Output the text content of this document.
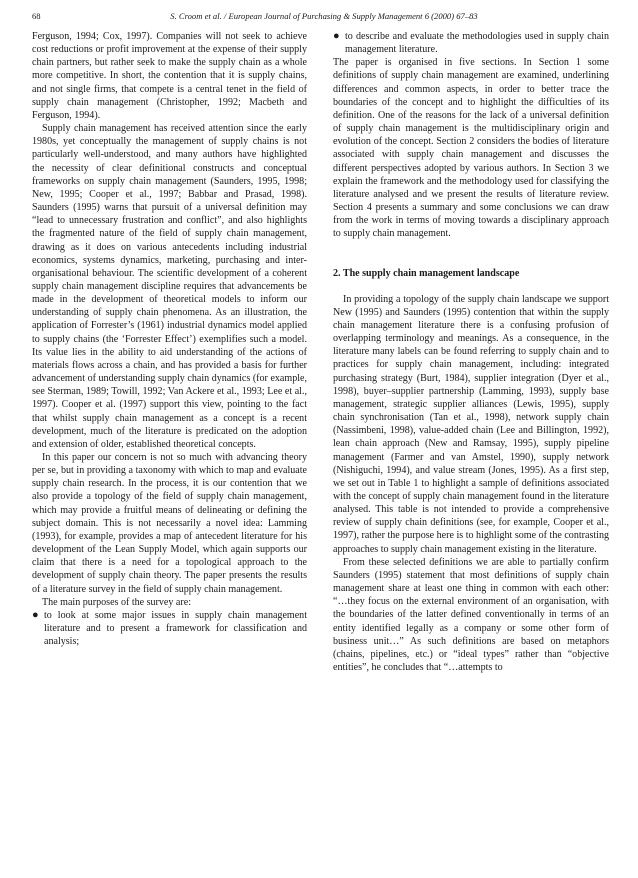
68	S. Croom et al. / European Journal of Purchasing & Supply Management 6 (2000) 67–83

Ferguson, 1994; Cox, 1997). Companies will not seek to achieve cost reductions or profit improvement at the expense of their supply chain partners, but rather seek to make the supply chain as a whole more competitive. In short, the contention that it is supply chains, and not single firms, that compete is a central tenet in the field of supply chain management (Christopher, 1992; Macbeth and Ferguson, 1994).

Supply chain management has received attention since the early 1980s, yet conceptually the management of supply chains is not particularly well-understood, and many authors have highlighted the necessity of clear definitional constructs and conceptual frameworks on supply chain management (Saunders, 1995, 1998; New, 1995; Cooper et al., 1997; Babbar and Prasad, 1998). Saunders (1995) warns that pursuit of a universal definition may “lead to unnecessary frustration and conflict”, and also highlights the fragmented nature of the field of supply chain management, drawing as it does on various antecedents including industrial economics, systems dynamics, marketing, purchasing and inter-organisational behaviour. The scientific development of a coherent supply chain management discipline requires that advancements be made in the development of theoretical models to inform our understanding of supply chain phenomena. As an illustration, the application of Forrester’s (1961) industrial dynamics model applied to supply chains (the ‘Forrester Effect’) exemplifies such a model. Its value lies in the ability to aid understanding of the actions of materials flows across a chain, and has provided a basis for further advancement of understanding supply chain dynamics (for example, see Sterman, 1989; Towill, 1992; Van Ackere et al., 1993; Lee et al., 1997). Cooper et al. (1997) support this view, pointing to the fact that whilst supply chain management as a concept is a recent development, much of the literature is predicated on the adoption and extension of older, established theoretical concepts.

In this paper our concern is not so much with advancing theory per se, but in providing a taxonomy with which to map and evaluate supply chain research. In the process, it is our contention that we also provide a topology of the field of supply chain management, which may provide a fruitful means of delineating or defining the subject domain. This is not necessarily a novel idea: Lamming (1993), for example, provides a map of antecedent literature for his development of the Lean Supply Model, which again supports our claim that there is a need for a topological approach to the development of supply chain theory. The paper presents the results of a literature survey in the field of supply chain management.

The main purposes of the survey are:

● to look at some major issues in supply chain management literature and to present a framework for classification and analysis;
● to describe and evaluate the methodologies used in supply chain management literature.

The paper is organised in five sections. In Section 1 some definitions of supply chain management are examined, underlining differences and common aspects, in order to better trace the boundaries of the concept and to highlight the difficulties of its definition. One of the reasons for the lack of a universal definition of supply chain management is the multidisciplinary origin and evolution of the concept. Section 2 considers the bodies of literature associated with supply chain management and discusses the different perspectives adopted by various authors. In Section 3 we explain the framework and the methodology used for classifying the literature analysed and we present the results of literature review. Section 4 presents a summary and some conclusions we can draw from the work in terms of moving towards a disciplinary approach to supply chain management.

2. The supply chain management landscape

In providing a topology of the supply chain landscape we support New (1995) and Saunders (1995) contention that within the supply chain management literature there is a confusing profusion of overlapping terminology and meanings. As a consequence, in the literature many labels can be found referring to supply chain and to practices for supply chain management, including: integrated purchasing strategy (Burt, 1984), supplier integration (Dyer et al., 1998), buyer–supplier partnership (Lamming, 1993), supply base management, strategic supplier alliances (Lewis, 1995), supply chain synchronisation (Tan et al., 1998), network supply chain (Nassimbeni, 1998), value-added chain (Lee and Billington, 1992), lean chain approach (New and Ramsay, 1995), supply pipeline management (Farmer and van Amstel, 1990), supply network (Nishiguchi, 1994), and value stream (Jones, 1995). As a first step, we set out in Table 1 to highlight a sample of definitions associated with the concept of supply chain management found in the literature analysed. This table is not intended to provide a comprehensive review of supply chain definitions (see, for example, Cooper et al., 1997), rather the purpose here is to highlight some of the contrasting approaches to supply chain management existing in the literature.

From these selected definitions we are able to partially confirm Saunders (1995) statement that most definitions of supply chain management share at least one thing in common with each other: “…they focus on the external environment of an organisation, with the boundaries of the latter defined conventionally in terms of an entity identified legally as a company or some other form of business unit…” As such definitions are based on metaphors (chains, pipelines, etc.) or “ideal types” rather than “objective entities”, he concludes that “…attempts to
